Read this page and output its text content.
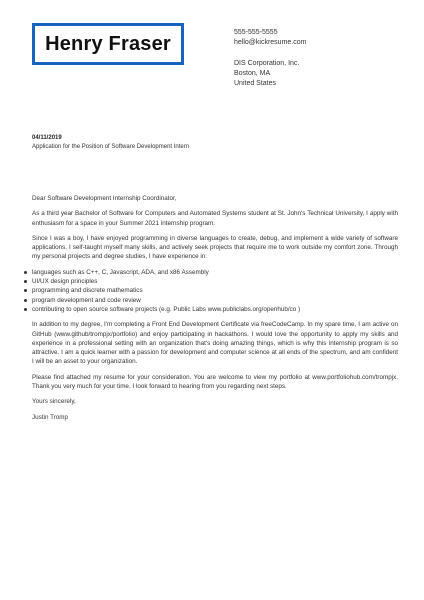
Henry Fraser	555-555-5555
hello@kickresume.com
DIS Corporation, Inc.
Boston, MA
United States
04/11/2019
Application for the Position of Software Development Intern

Dear Software Development Internship Coordinator,

As a third year Bachelor of Software for Computers and Automated Systems student at St. John's Technical University, I apply with enthusiasm for a space in your Summer 2021 internship program.

Since I was a boy, I have enjoyed programming in diverse languages to create, debug, and implement a wide variety of software applications. I self-taught myself many skills, and actively seek projects that require me to work outside my comfort zone. Through my personal projects and degree studies, I have experience in:

languages such as C++, C, Javascript, ADA, and x86 Assembly
UI/UX design principles
programming and discrete mathematics
program development and code review
contributing to open source software projects (e.g. Public Labs www.publiclabs.org/openhub/co )

In addition to my degree, I'm completing a Front End Development Certificate via freeCodeCamp. In my spare time, I am active on GitHub (www.github/trompjx/portfolio) and enjoy participating in hackathons. I would love the opportunity to apply my skills and experience in a professional setting with an organization that's doing amazing things, which is why this internship program is so attractive. I am a quick learner with a passion for development and computer science at all ends of the spectrum, and am confident I will be an asset to your organization.

Please find attached my resume for your consideration. You are welcome to view my portfolio at www.portfoliohub.com/trompjx. Thank you very much for your time. I look forward to hearing from you regarding next steps.

Yours sincerely,

Justin Tromp
